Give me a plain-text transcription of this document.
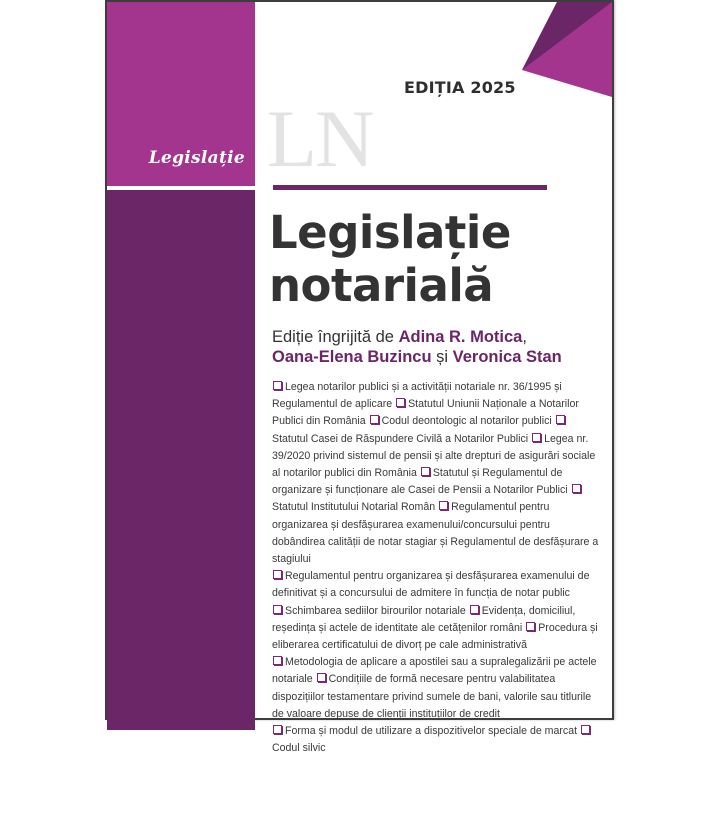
Legislație
Editura
Hamangiu
EDIȚIA 2025
LN
Legislație
notarială
Ediție îngrijită de Adina R. Motica,
Oana-Elena Buzincu și Veronica Stan
Legea notarilor publici și a activității notariale nr. 36/1995 și Regulamentul de aplicare Statutul Uniunii Naționale a Notarilor Publici din România Codul deontologic al notarilor publici Statutul Casei de Răspundere Civilă a Notarilor Publici Legea nr. 39/2020 privind sistemul de pensii și alte drepturi de asigurări sociale al notarilor publici din România Statutul și Regulamentul de organizare și funcționare ale Casei de Pensii a Notarilor Publici Statutul Institutului Notarial Român Regulamentul pentru organizarea și desfășurarea examenului/concursului pentru dobândirea calității de notar stagiar și Regulamentul de desfășurare a stagiului
Regulamentul pentru organizarea și desfășurarea examenului de definitivat și a concursului de admitere în funcția de notar public
Schimbarea sediilor birourilor notariale Evidența, domiciliul, reședința și actele de identitate ale cetățenilor români Procedura și eliberarea certificatului de divorț pe cale administrativă
Metodologia de aplicare a apostilei sau a supralegalizării pe actele notariale Condițiile de formă necesare pentru valabilitatea dispozițiilor testamentare privind sumele de bani, valorile sau titlurile de valoare depuse de clienții instituțiilor de credit
Forma și modul de utilizare a dispozitivelor speciale de marcat Codul silvic
